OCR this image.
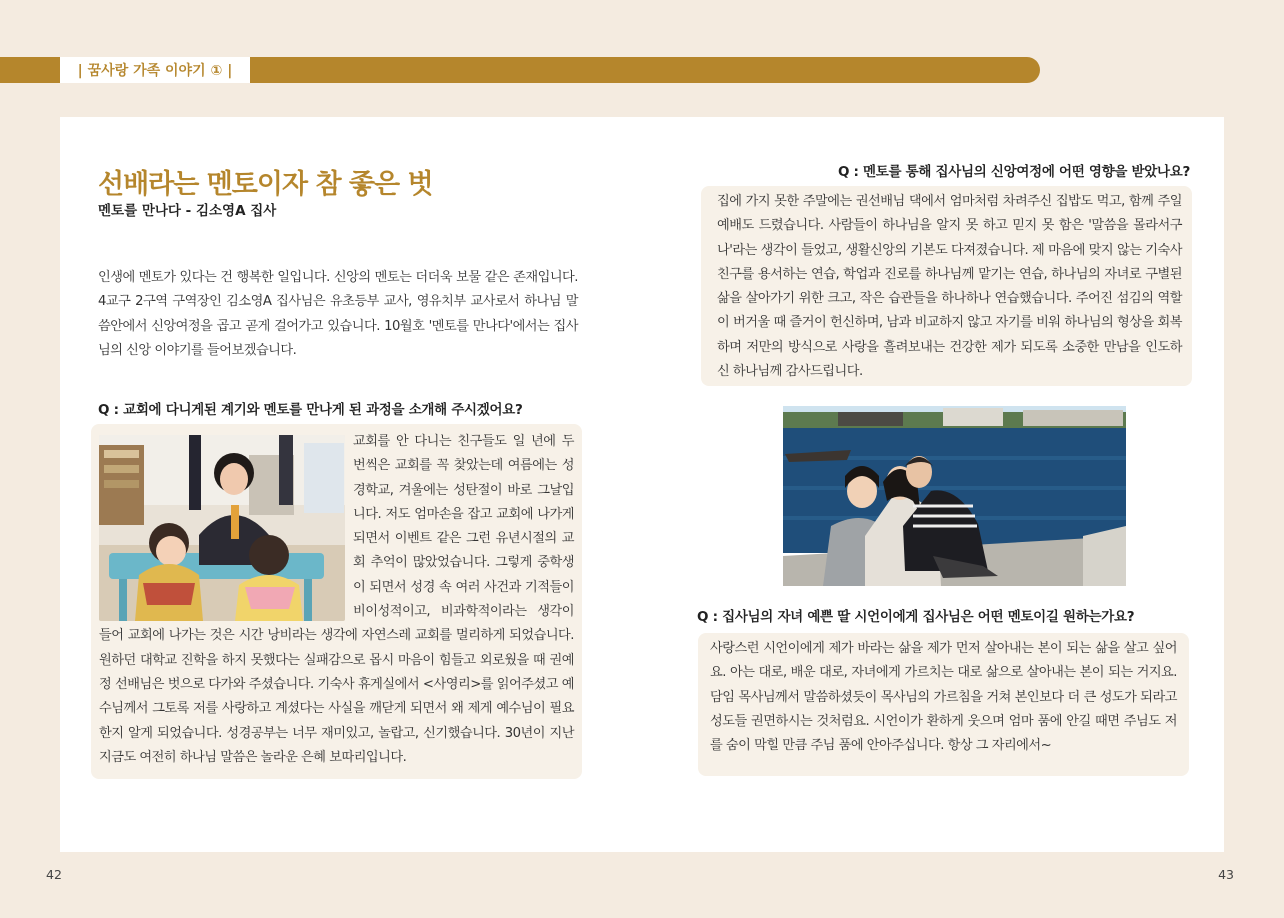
| 꿈사랑 가족 이야기 ① |
선배라는 멘토이자 참 좋은 벗
멘토를 만나다 - 김소영A 집사

인생에 멘토가 있다는 건 행복한 일입니다. 신앙의 멘토는 더더욱 보물 같은 존재입니다. 4교구 2구역 구역장인 김소영A 집사님은 유초등부 교사, 영유치부 교사로서 하나님 말씀안에서 신앙여정을 곱고 곧게 걸어가고 있습니다. 10월호 '멘토를 만나다'에서는 집사님의 신앙 이야기를 들어보겠습니다.

Q : 교회에 다니게된 계기와 멘토를 만나게 된 과정을 소개해 주시겠어요?

교회를 안 다니는 친구들도 일 년에 두 번씩은 교회를 꼭 찾았는데 여름에는 성경학교, 겨울에는 성탄절이 바로 그날입니다. 저도 엄마손을 잡고 교회에 나가게 되면서 이벤트 같은 그런 유년시절의 교회 추억이 많았었습니다. 그렇게 중학생이 되면서 성경 속 여러 사건과 기적들이 비이성적이고, 비과학적이라는 생각이 들어 교회에 나가는 것은 시간 낭비라는 생각에 자연스레 교회를 멀리하게 되었습니다. 원하던 대학교 진학을 하지 못했다는 실패감으로 몹시 마음이 힘들고 외로웠을 때 권예정 선배님은 벗으로 다가와 주셨습니다. 기숙사 휴게실에서 <사영리>를 읽어주셨고 예수님께서 그토록 저를 사랑하고 계셨다는 사실을 깨닫게 되면서 왜 제게 예수님이 필요한지 알게 되었습니다. 성경공부는 너무 재미있고, 놀랍고, 신기했습니다. 30년이 지난 지금도 여전히 하나님 말씀은 놀라운 은혜 보따리입니다.

Q : 멘토를 통해 집사님의 신앙여정에 어떤 영향을 받았나요?

집에 가지 못한 주말에는 권선배님 댁에서 엄마처럼 차려주신 집밥도 먹고, 함께 주일예배도 드렸습니다. 사람들이 하나님을 알지 못 하고 믿지 못 함은 '말씀을 몰라서구나'라는 생각이 들었고, 생활신앙의 기본도 다져졌습니다. 제 마음에 맞지 않는 기숙사 친구를 용서하는 연습, 학업과 진로를 하나님께 맡기는 연습, 하나님의 자녀로 구별된 삶을 살아가기 위한 크고, 작은 습관들을 하나하나 연습했습니다. 주어진 섬김의 역할이 버거울 때 즐거이 헌신하며, 남과 비교하지 않고 자기를 비워 하나님의 형상을 회복하며 저만의 방식으로 사랑을 흘려보내는 건강한 제가 되도록 소중한 만남을 인도하신 하나님께 감사드립니다.

Q : 집사님의 자녀 예쁜 딸 시언이에게 집사님은 어떤 멘토이길 원하는가요?

사랑스런 시언이에게 제가 바라는 삶을 제가 먼저 살아내는 본이 되는 삶을 살고 싶어요. 아는 대로, 배운 대로, 자녀에게 가르치는 대로 삶으로 살아내는 본이 되는 거지요. 담임 목사님께서 말씀하셨듯이 목사님의 가르침을 거쳐 본인보다 더 큰 성도가 되라고 성도들 권면하시는 것처럼요. 시언이가 환하게 웃으며 엄마 품에 안길 때면 주님도 저를 숨이 막힐 만큼 주님 품에 안아주십니다. 항상 그 자리에서~

42	43
